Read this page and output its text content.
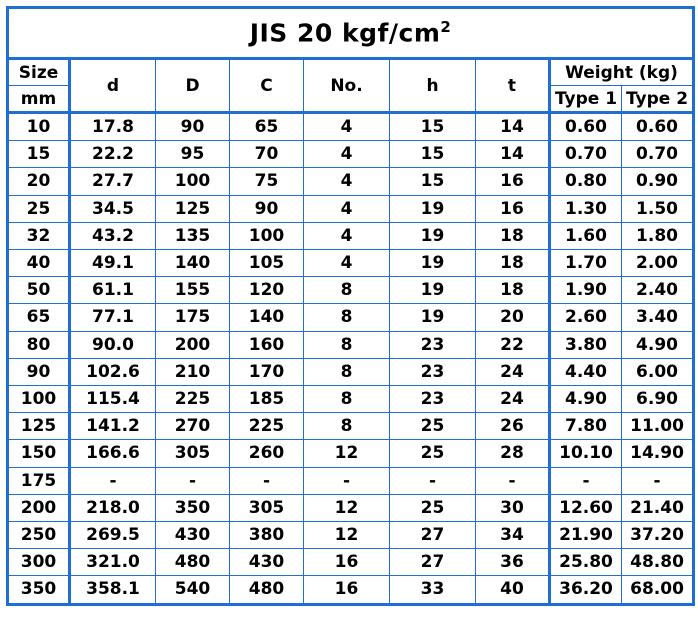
JIS 20 kgf/$cm^2$
Size	d	D	C	No.	h	t	Weight (kg)	
mm							Type 1	Type 2
10	17.8	90	65	4	15	14	0.60	0.60
15	22.2	95	70	4	15	14	0.70	0.70
20	27.7	100	75	4	15	16	0.80	0.90
25	34.5	125	90	4	19	16	1.30	1.50
32	43.2	135	100	4	19	18	1.60	1.80
40	49.1	140	105	4	19	18	1.70	2.00
50	61.1	155	120	8	19	18	1.90	2.40
65	77.1	175	140	8	19	20	2.60	3.40
80	90.0	200	160	8	23	22	3.80	4.90
90	102.6	210	170	8	23	24	4.40	6.00
100	115.4	225	185	8	23	24	4.90	6.90
125	141.2	270	225	8	25	26	7.80	11.00
150	166.6	305	260	12	25	28	10.10	14.90
175	-	-	-	-	-	-	-	-
200	218.0	350	305	12	25	30	12.60	21.40
250	269.5	430	380	12	27	34	21.90	37.20
300	321.0	480	430	16	27	36	25.80	48.80
350	358.1	540	480	16	33	40	36.20	68.00
